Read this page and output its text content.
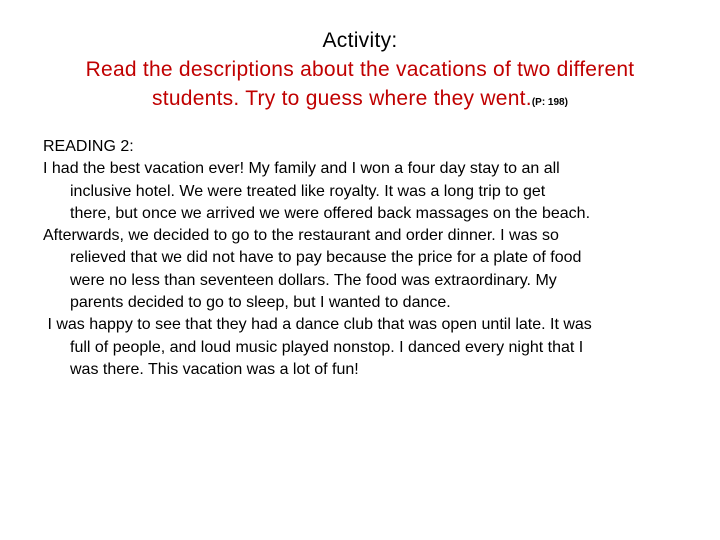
Activity:
Read the descriptions about the vacations of two different
students. Try to guess where they went.(P: 198)
READING 2:
I had the best vacation ever! My family and I won a four day stay to an all
inclusive hotel. We were treated like royalty. It was a long trip to get
there, but once we arrived we were offered back massages on the beach.
Afterwards, we decided to go to the restaurant and order dinner. I was so
relieved that we did not have to pay because the price for a plate of food
were no less than seventeen dollars. The food was extraordinary. My
parents decided to go to sleep, but I wanted to dance.
I was happy to see that they had a dance club that was open until late. It was
full of people, and loud music played nonstop. I danced every night that I
was there. This vacation was a lot of fun!
